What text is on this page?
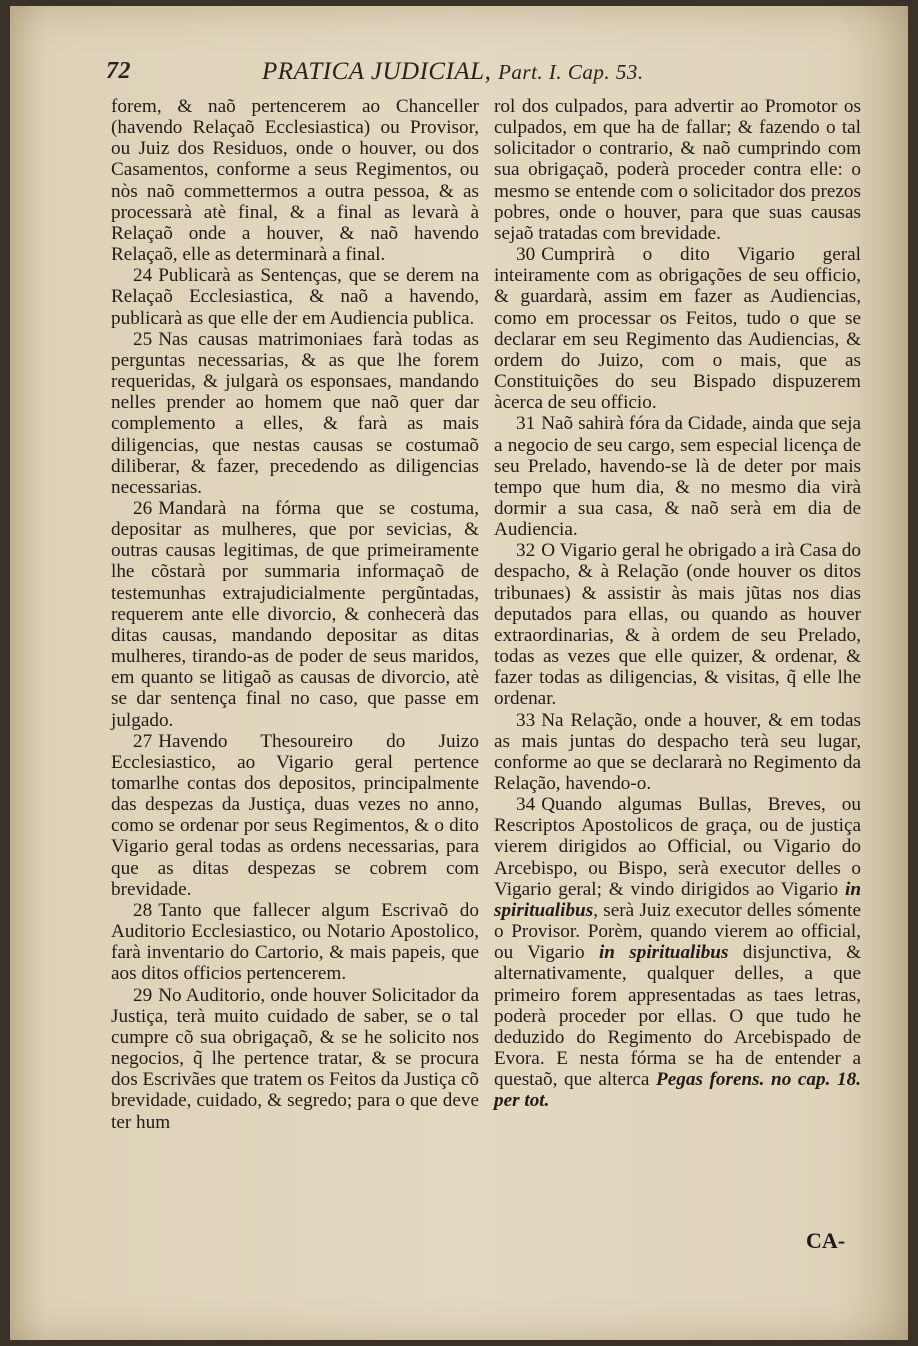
72	PRATICA JUDICIAL, Part. I. Cap. 53.

forem, & naõ pertencerem ao Chanceller (havendo Relaçaõ Ecclesiastica) ou Provisor, ou Juiz dos Residuos, onde o houver, ou dos Casamentos, conforme a seus Regimentos, ou nòs naõ commettermos a outra pessoa, & as processarà atè final, & a final as levarà à Relaçaõ onde a houver, & naõ havendo Relaçaõ, elle as determinarà a final.

24 Publicarà as Sentenças, que se derem na Relaçaõ Ecclesiastica, & naõ a havendo, publicarà as que elle der em Audiencia publica.

25 Nas causas matrimoniaes farà todas as perguntas necessarias, & as que lhe forem requeridas, & julgarà os esponsaes, mandando nelles prender ao homem que naõ quer dar complemento a elles, & farà as mais diligencias, que nestas causas se costumaõ diliberar, & fazer, precedendo as diligencias necessarias.

26 Mandarà na fórma que se costuma, depositar as mulheres, que por sevicias, & outras causas legitimas, de que primeiramente lhe cõstarà por summaria informaçaõ de testemunhas extrajudicialmente pergũntadas, requerem ante elle divorcio, & conhecerà das ditas causas, mandando depositar as ditas mulheres, tirando-as de poder de seus maridos, em quanto se litigaõ as causas de divorcio, atè se dar sentença final no caso, que passe em julgado.

27 Havendo Thesoureiro do Juizo Ecclesiastico, ao Vigario geral pertence tomarlhe contas dos depositos, principalmente das despezas da Justiça, duas vezes no anno, como se ordenar por seus Regimentos, & o dito Vigario geral todas as ordens necessarias, para que as ditas despezas se cobrem com brevidade.

28 Tanto que fallecer algum Escrivaõ do Auditorio Ecclesiastico, ou Notario Apostolico, farà inventario do Cartorio, & mais papeis, que aos ditos officios pertencerem.

29 No Auditorio, onde houver Solicitador da Justiça, terà muito cuidado de saber, se o tal cumpre cõ sua obrigaçaõ, & se he solicito nos negocios, q̃ lhe pertence tratar, & se procura dos Escrivães que tratem os Feitos da Justiça cõ brevidade, cuidado, & segredo; para o que deve ter hum

rol dos culpados, para advertir ao Promotor os culpados, em que ha de fallar; & fazendo o tal solicitador o contrario, & naõ cumprindo com sua obrigaçaõ, poderà proceder contra elle: o mesmo se entende com o solicitador dos prezos pobres, onde o houver, para que suas causas sejaõ tratadas com brevidade.

30 Cumprirà o dito Vigario geral inteiramente com as obrigações de seu officio, & guardarà, assim em fazer as Audiencias, como em processar os Feitos, tudo o que se declarar em seu Regimento das Audiencias, & ordem do Juizo, com o mais, que as Constituições do seu Bispado dispuzerem àcerca de seu officio.

31 Naõ sahirà fóra da Cidade, ainda que seja a negocio de seu cargo, sem especial licença de seu Prelado, havendo-se là de deter por mais tempo que hum dia, & no mesmo dia virà dormir a sua casa, & naõ serà em dia de Audiencia.

32 O Vigario geral he obrigado a irà Casa do despacho, & à Relação (onde houver os ditos tribunaes) & assistir às mais jũtas nos dias deputados para ellas, ou quando as houver extraordinarias, & à ordem de seu Prelado, todas as vezes que elle quizer, & ordenar, & fazer todas as diligencias, & visitas, q̃ elle lhe ordenar.

33 Na Relação, onde a houver, & em todas as mais juntas do despacho terà seu lugar, conforme ao que se declararà no Regimento da Relação, havendo-o.

34 Quando algumas Bullas, Breves, ou Rescriptos Apostolicos de graça, ou de justiça vierem dirigidos ao Official, ou Vigario do Arcebispo, ou Bispo, serà executor delles o Vigario geral; & vindo dirigidos ao Vigario in spiritualibus, serà Juiz executor delles sómente o Provisor. Porèm, quando vierem ao official, ou Vigario in spiritualibus disjunctiva, & alternativamente, qualquer delles, a que primeiro forem appresentadas as taes letras, poderà proceder por ellas. O que tudo he deduzido do Regimento do Arcebispado de Evora. E nesta fórma se ha de entender a questaõ, que alterca Pegas forens. no cap. 18. per tot.

CA-
